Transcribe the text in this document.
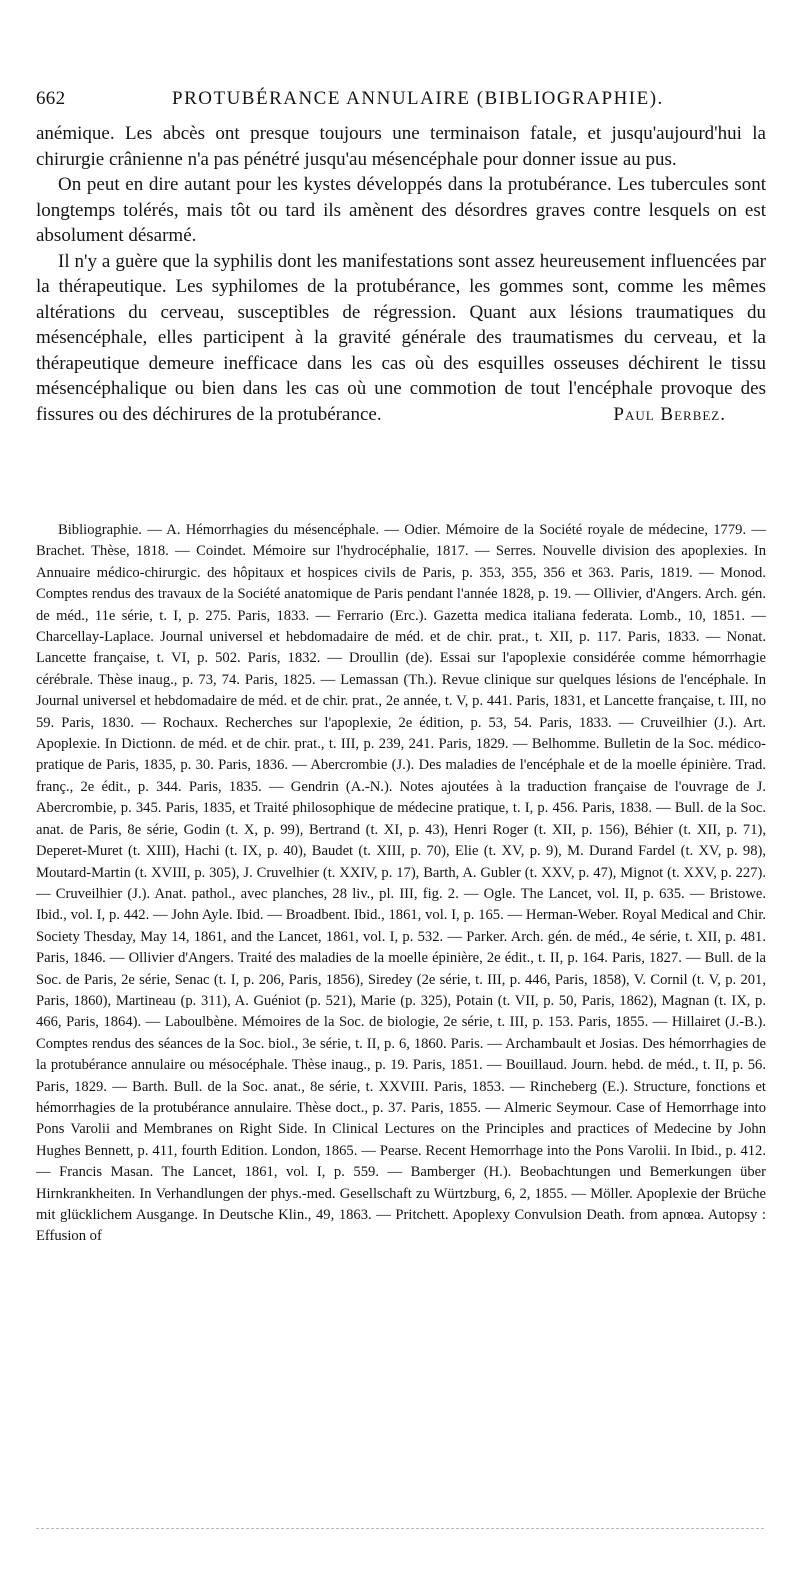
662	PROTUBÉRANCE ANNULAIRE (BIBLIOGRAPHIE).

anémique. Les abcès ont presque toujours une terminaison fatale, et jusqu'aujourd'hui la chirurgie crânienne n'a pas pénétré jusqu'au mésencéphale pour donner issue au pus.

On peut en dire autant pour les kystes développés dans la protubérance. Les tubercules sont longtemps tolérés, mais tôt ou tard ils amènent des désordres graves contre lesquels on est absolument désarmé.

Il n'y a guère que la syphilis dont les manifestations sont assez heureusement influencées par la thérapeutique. Les syphilomes de la protubérance, les gommes sont, comme les mêmes altérations du cerveau, susceptibles de régression. Quant aux lésions traumatiques du mésencéphale, elles participent à la gravité générale des traumatismes du cerveau, et la thérapeutique demeure inefficace dans les cas où des esquilles osseuses déchirent le tissu mésencéphalique ou bien dans les cas où une commotion de tout l'encéphale provoque des fissures ou des déchirures de la protubérance.	Paul Berbez.

Bibliographie. — A. Hémorrhagies du mésencéphale. — Odier. Mémoire de la Société royale de médecine, 1779. — Brachet. Thèse, 1818. — Coindet. Mémoire sur l'hydrocéphalie, 1817. — Serres. Nouvelle division des apoplexies. In Annuaire médico-chirurgic. des hôpitaux et hospices civils de Paris, p. 353, 355, 356 et 363. Paris, 1819. — Monod. Comptes rendus des travaux de la Société anatomique de Paris pendant l'année 1828, p. 19. — Ollivier, d'Angers. Arch. gén. de méd., 11e série, t. I, p. 275. Paris, 1833. — Ferrario (Erc.). Gazetta medica italiana federata. Lomb., 10, 1851. — Charcellay-Laplace. Journal universel et hebdomadaire de méd. et de chir. prat., t. XII, p. 117. Paris, 1833. — Nonat. Lancette française, t. VI, p. 502. Paris, 1832. — Droullin (de). Essai sur l'apoplexie considérée comme hémorrhagie cérébrale. Thèse inaug., p. 73, 74. Paris, 1825. — Lemassan (Th.). Revue clinique sur quelques lésions de l'encéphale. In Journal universel et hebdomadaire de méd. et de chir. prat., 2e année, t. V, p. 441. Paris, 1831, et Lancette française, t. III, no 59. Paris, 1830. — Rochaux. Recherches sur l'apoplexie, 2e édition, p. 53, 54. Paris, 1833. — Cruveilhier (J.). Art. Apoplexie. In Dictionn. de méd. et de chir. prat., t. III, p. 239, 241. Paris, 1829. — Belhomme. Bulletin de la Soc. médico-pratique de Paris, 1835, p. 30. Paris, 1836. — Abercrombie (J.). Des maladies de l'encéphale et de la moelle épinière. Trad. franç., 2e édit., p. 344. Paris, 1835. — Gendrin (A.-N.). Notes ajoutées à la traduction française de l'ouvrage de J. Abercrombie, p. 345. Paris, 1835, et Traité philosophique de médecine pratique, t. I, p. 456. Paris, 1838. — Bull. de la Soc. anat. de Paris, 8e série, Godin (t. X, p. 99), Bertrand (t. XI, p. 43), Henri Roger (t. XII, p. 156), Béhier (t. XII, p. 71), Deperet-Muret (t. XIII), Hachi (t. IX, p. 40), Baudet (t. XIII, p. 70), Elie (t. XV, p. 9), M. Durand Fardel (t. XV, p. 98), Moutard-Martin (t. XVIII, p. 305), J. Cruvelhier (t. XXIV, p. 17), Barth, A. Gubler (t. XXV, p. 47), Mignot (t. XXV, p. 227). — Cruveilhier (J.). Anat. pathol., avec planches, 28 liv., pl. III, fig. 2. — Ogle. The Lancet, vol. II, p. 635. — Bristowe. Ibid., vol. I, p. 442. — John Ayle. Ibid. — Broadbent. Ibid., 1861, vol. I, p. 165. — Herman-Weber. Royal Medical and Chir. Society Thesday, May 14, 1861, and the Lancet, 1861, vol. I, p. 532. — Parker. Arch. gén. de méd., 4e série, t. XII, p. 481. Paris, 1846. — Ollivier d'Angers. Traité des maladies de la moelle épinière, 2e édit., t. II, p. 164. Paris, 1827. — Bull. de la Soc. de Paris, 2e série, Senac (t. I, p. 206, Paris, 1856), Siredey (2e série, t. III, p. 446, Paris, 1858), V. Cornil (t. V, p. 201, Paris, 1860), Martineau (p. 311), A. Guéniot (p. 521), Marie (p. 325), Potain (t. VII, p. 50, Paris, 1862), Magnan (t. IX, p. 466, Paris, 1864). — Laboulbène. Mémoires de la Soc. de biologie, 2e série, t. III, p. 153. Paris, 1855. — Hillairet (J.-B.). Comptes rendus des séances de la Soc. biol., 3e série, t. II, p. 6, 1860. Paris. — Archambault et Josias. Des hémorrhagies de la protubérance annulaire ou mésocéphale. Thèse inaug., p. 19. Paris, 1851. — Bouillaud. Journ. hebd. de méd., t. II, p. 56. Paris, 1829. — Barth. Bull. de la Soc. anat., 8e série, t. XXVIII. Paris, 1853. — Rincheberg (E.). Structure, fonctions et hémorrhagies de la protubérance annulaire. Thèse doct., p. 37. Paris, 1855. — Almeric Seymour. Case of Hemorrhage into Pons Varolii and Membranes on Right Side. In Clinical Lectures on the Principles and practices of Medecine by John Hughes Bennett, p. 411, fourth Edition. London, 1865. — Pearse. Recent Hemorrhage into the Pons Varolii. In Ibid., p. 412. — Francis Masan. The Lancet, 1861, vol. I, p. 559. — Bamberger (H.). Beobachtungen und Bemerkungen über Hirnkrankheiten. In Verhandlungen der phys.-med. Gesellschaft zu Würtzburg, 6, 2, 1855. — Möller. Apoplexie der Brüche mit glücklichem Ausgange. In Deutsche Klin., 49, 1863. — Pritchett. Apoplexy Convulsion Death. from apnœa. Autopsy : Effusion of
